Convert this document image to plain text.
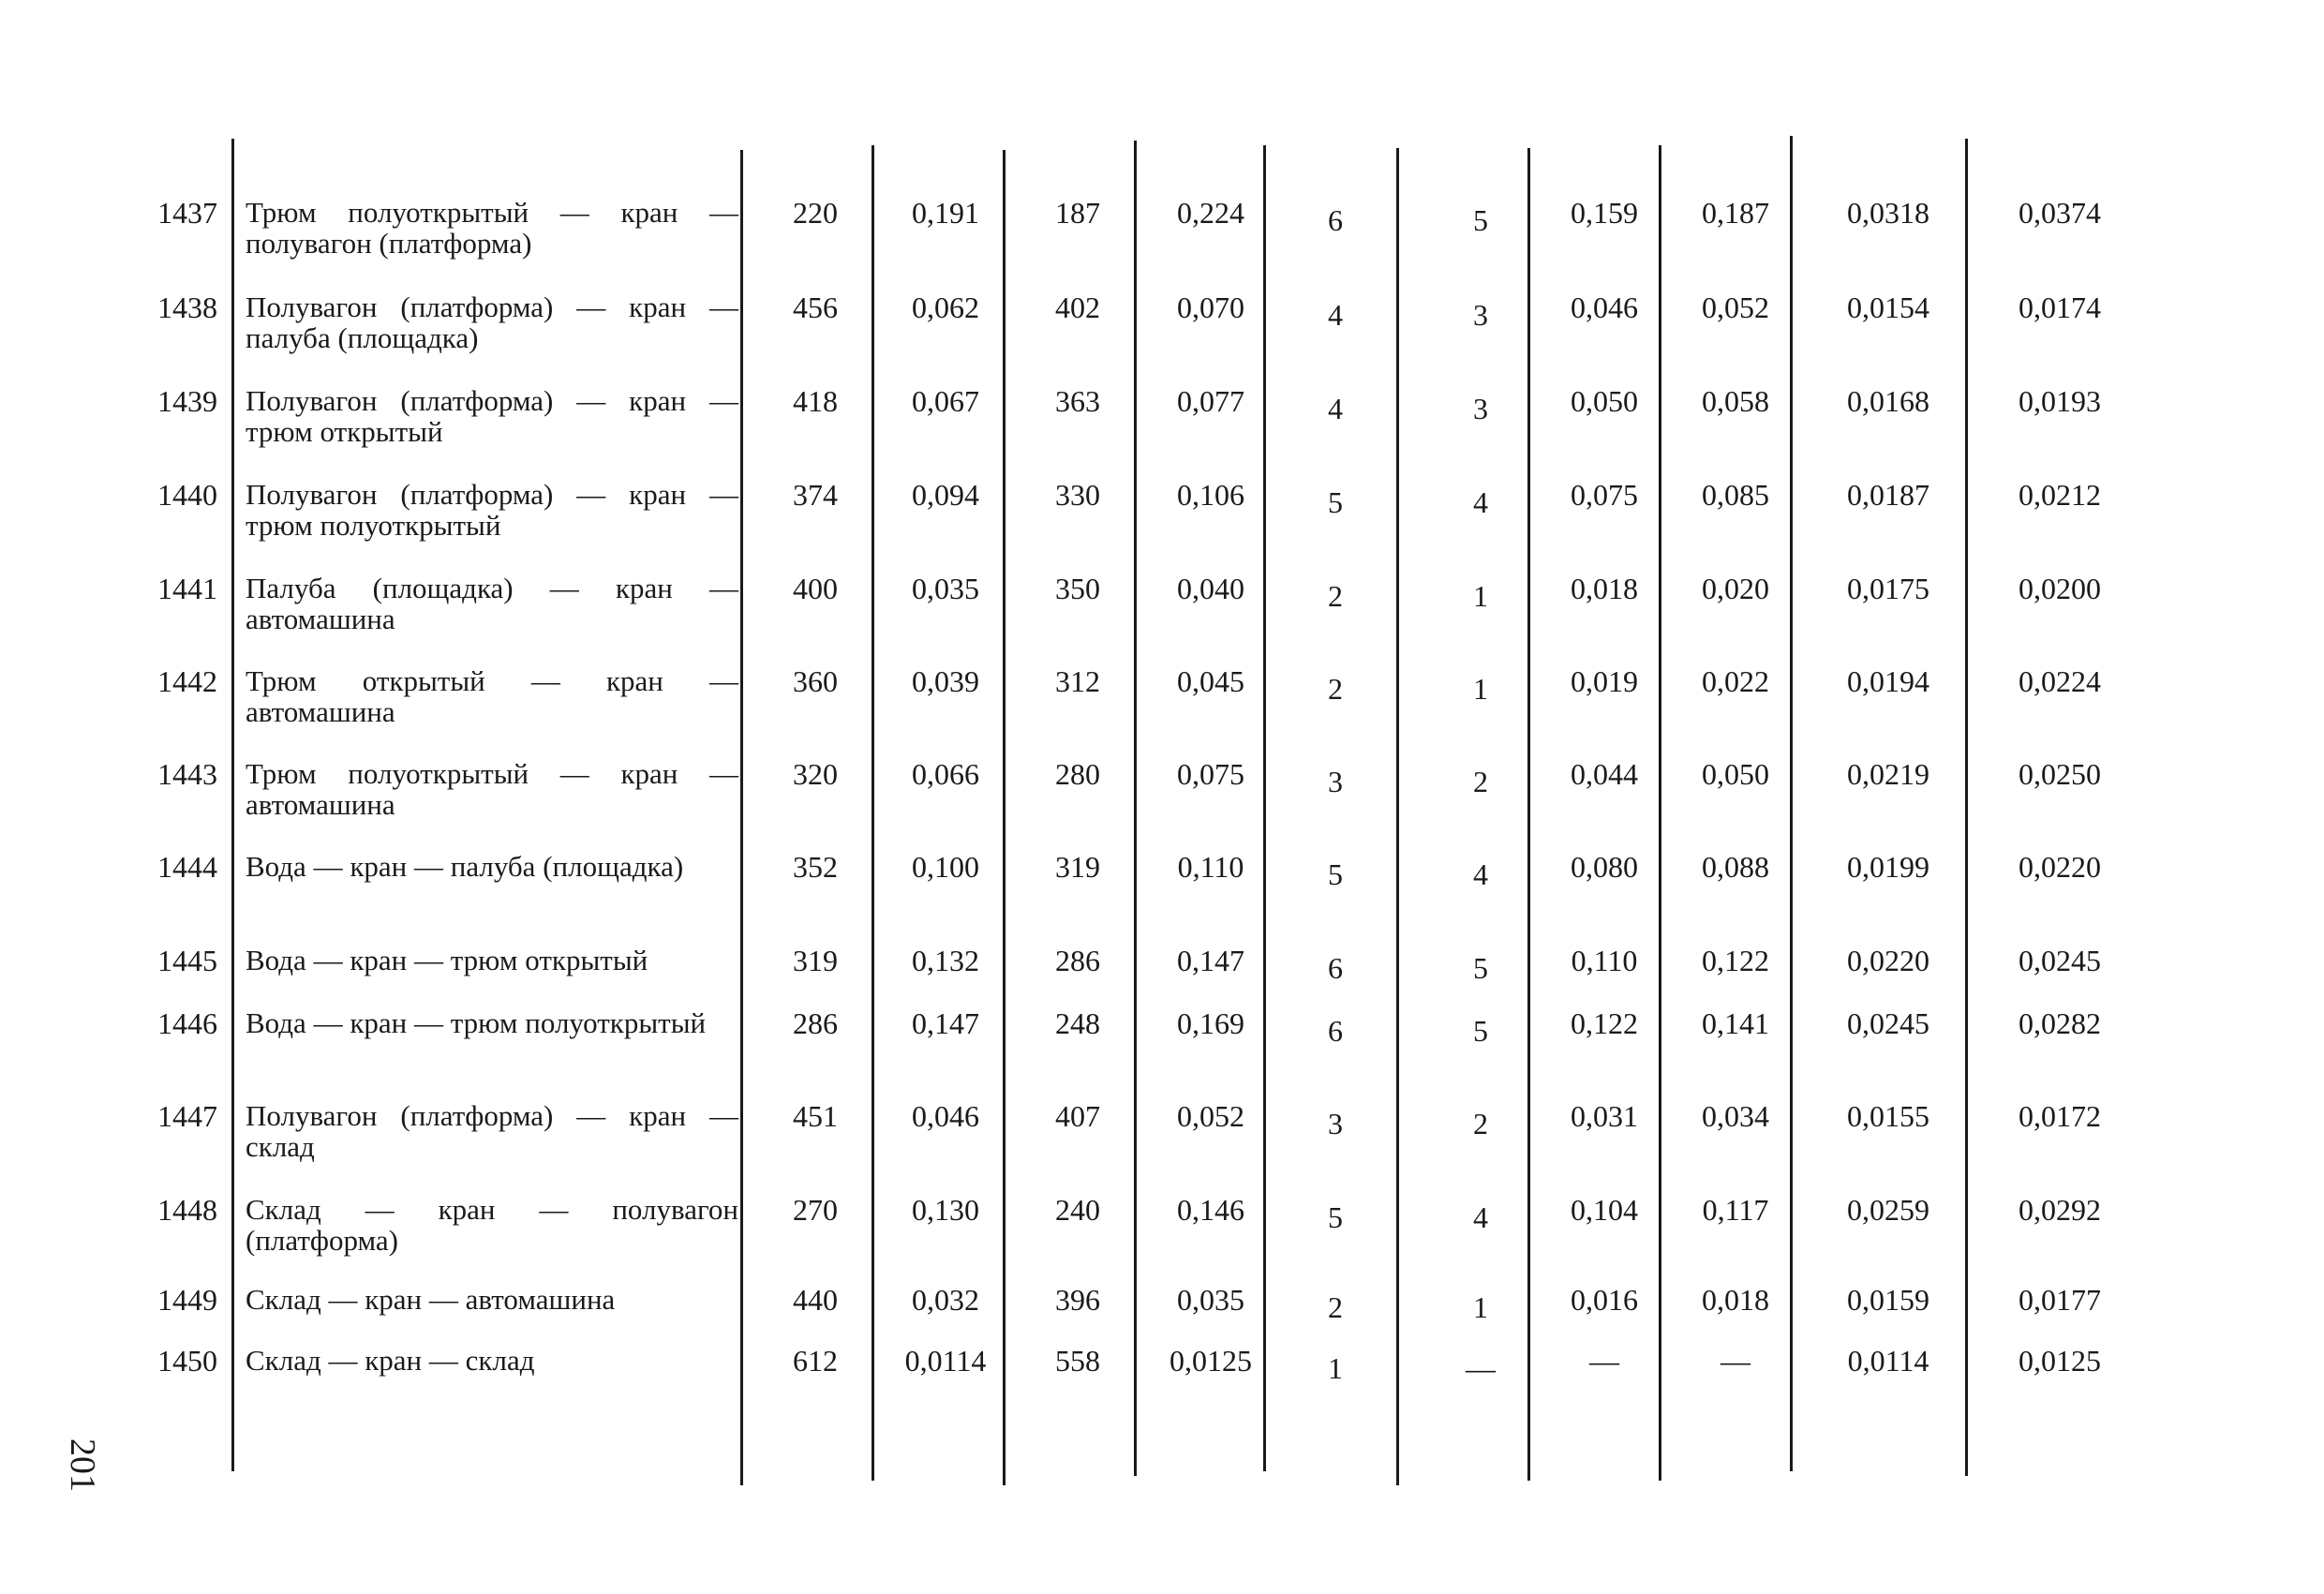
1437 Трюм полуоткрытый — кран — полувагон (платформа)
220	0,191	187	0,224	6	5	0,159	0,187	0,0318	0,0374
1438 Полувагон (платформа) — кран — палуба (площадка)
456	0,062	402	0,070	4	3	0,046	0,052	0,0154	0,0174
1439 Полувагон (платформа) — кран — трюм открытый
418	0,067	363	0,077	4	3	0,050	0,058	0,0168	0,0193
1440 Полувагон (платформа) — кран — трюм полуоткрытый
374	0,094	330	0,106	5	4	0,075	0,085	0,0187	0,0212
1441 Палуба (площадка) — кран — автомашина
400	0,035	350	0,040	2	1	0,018	0,020	0,0175	0,0200
1442 Трюм открытый — кран — автомашина
360	0,039	312	0,045	2	1	0,019	0,022	0,0194	0,0224
1443 Трюм полуоткрытый — кран — автомашина
320	0,066	280	0,075	3	2	0,044	0,050	0,0219	0,0250
1444 Вода — кран — палуба (площадка)	352	0,100	319	0,110	5	4	0,080	0,088	0,0199	0,0220
1445 Вода — кран — трюм открытый	319	0,132	286	0,147	6	5	0,110	0,122	0,0220	0,0245
1446 Вода — кран — трюм полуоткрытый	286	0,147	248	0,169	6	5	0,122	0,141	0,0245	0,0282
1447 Полувагон (платформа) — кран — склад
451	0,046	407	0,052	3	2	0,031	0,034	0,0155	0,0172
1448 Склад — кран — полувагон (платформа)
270	0,130	240	0,146	5	4	0,104	0,117	0,0259	0,0292
1449 Склад — кран — автомашина	440	0,032	396	0,035	2	1	0,016	0,018	0,0159	0,0177
1450 Склад — кран — склад	612	0,0114	558	0,0125	1	—	—	—	0,0114	0,0125
201
